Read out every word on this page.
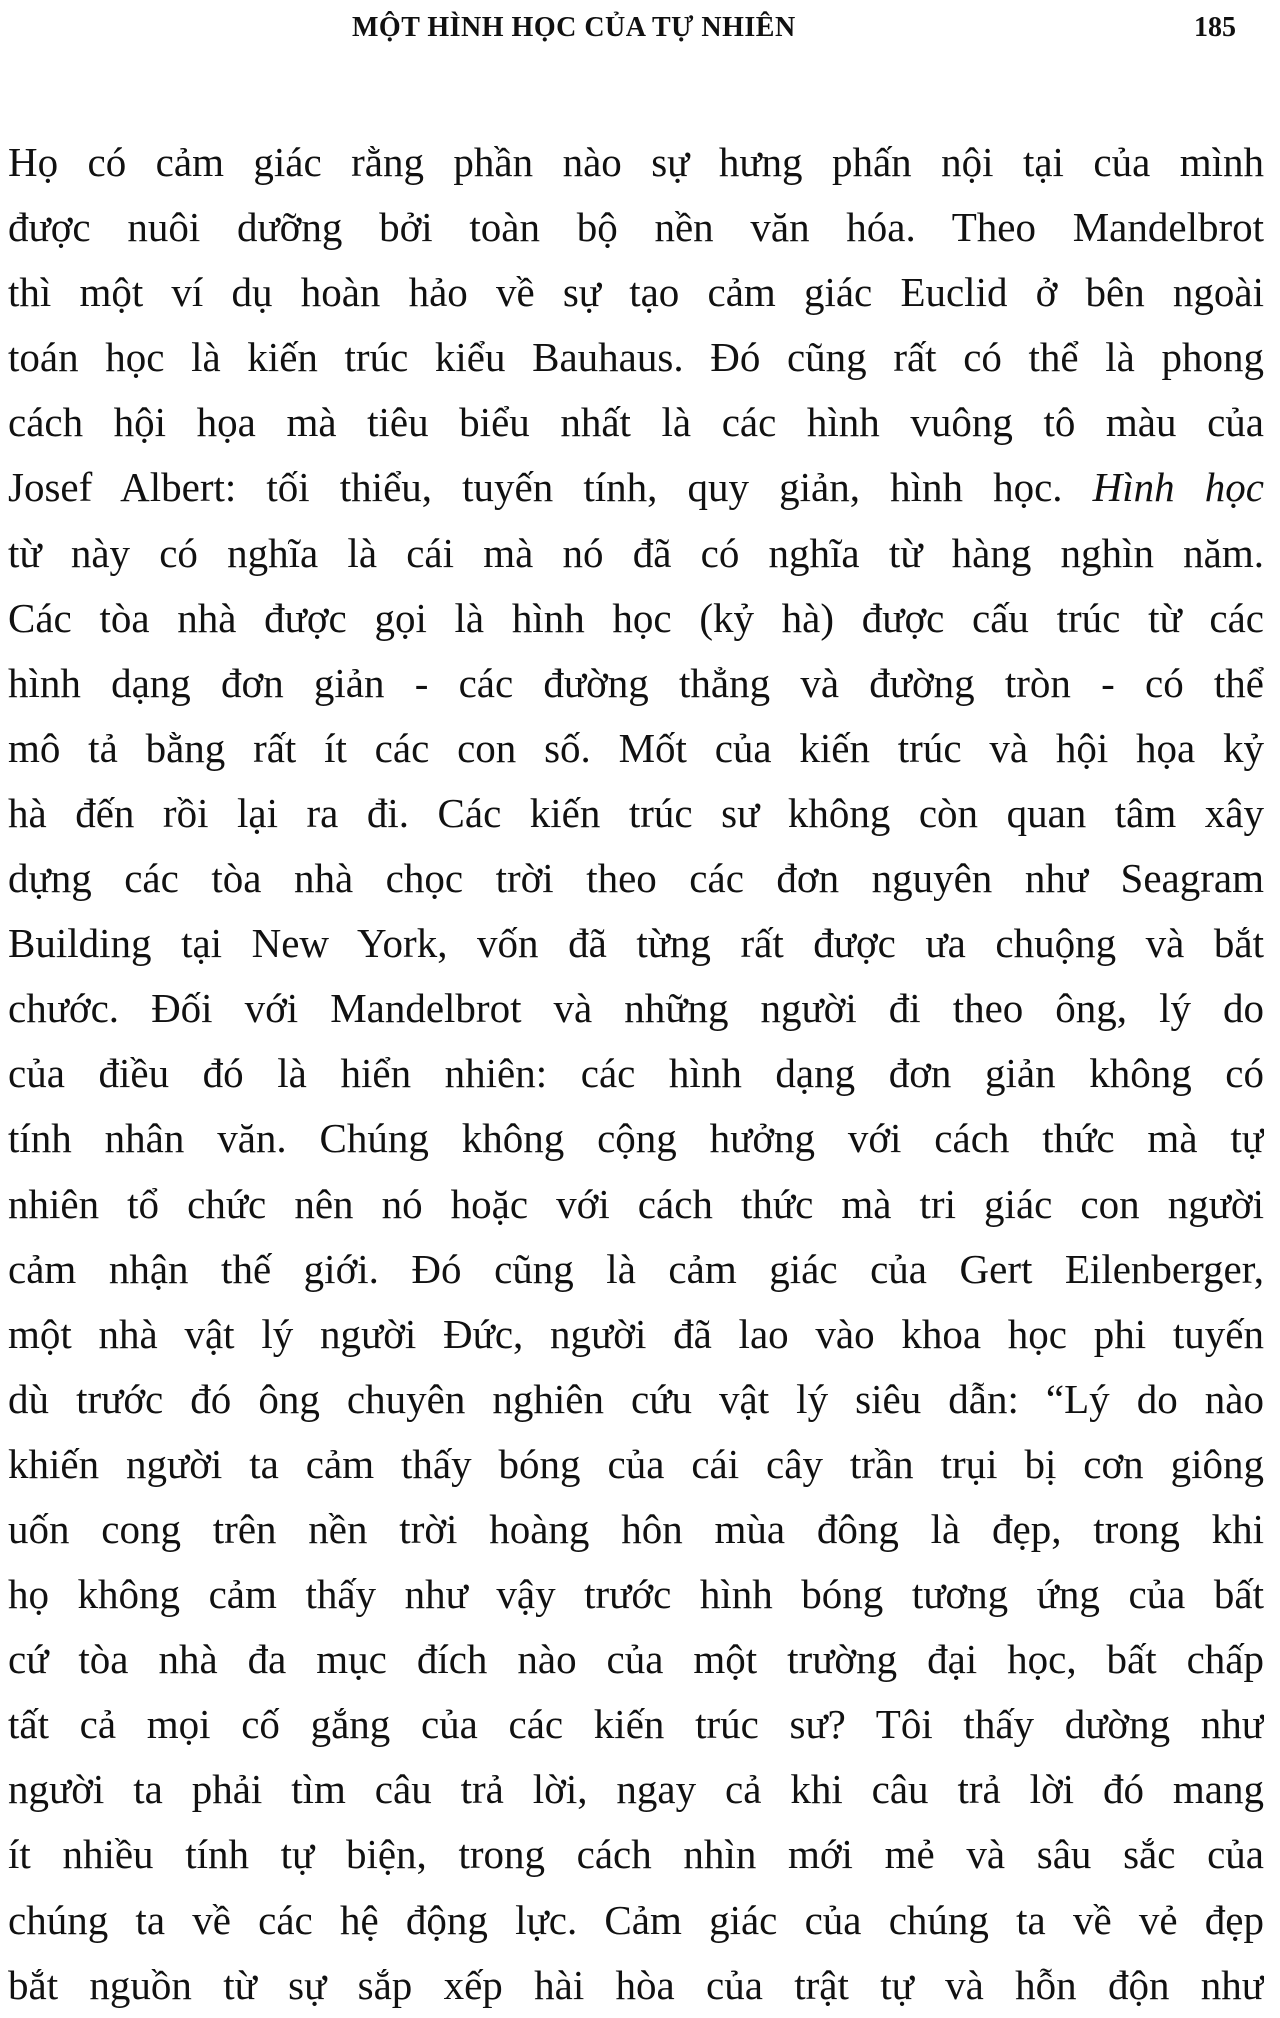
MỘT HÌNH HỌC CỦA TỰ NHIÊN	185
Họ có cảm giác rằng phần nào sự hưng phấn nội tại của mình
được nuôi dưỡng bởi toàn bộ nền văn hóa. Theo Mandelbrot
thì một ví dụ hoàn hảo về sự tạo cảm giác Euclid ở bên ngoài
toán học là kiến trúc kiểu Bauhaus. Đó cũng rất có thể là phong
cách hội họa mà tiêu biểu nhất là các hình vuông tô màu của
Josef Albert: tối thiểu, tuyến tính, quy giản, hình học. Hình học
từ này có nghĩa là cái mà nó đã có nghĩa từ hàng nghìn năm.
Các tòa nhà được gọi là hình học (kỷ hà) được cấu trúc từ các
hình dạng đơn giản - các đường thẳng và đường tròn - có thể
mô tả bằng rất ít các con số. Mốt của kiến trúc và hội họa kỷ
hà đến rồi lại ra đi. Các kiến trúc sư không còn quan tâm xây
dựng các tòa nhà chọc trời theo các đơn nguyên như Seagram
Building tại New York, vốn đã từng rất được ưa chuộng và bắt
chước. Đối với Mandelbrot và những người đi theo ông, lý do
của điều đó là hiển nhiên: các hình dạng đơn giản không có
tính nhân văn. Chúng không cộng hưởng với cách thức mà tự
nhiên tổ chức nên nó hoặc với cách thức mà tri giác con người
cảm nhận thế giới. Đó cũng là cảm giác của Gert Eilenberger,
một nhà vật lý người Đức, người đã lao vào khoa học phi tuyến
dù trước đó ông chuyên nghiên cứu vật lý siêu dẫn: “Lý do nào
khiến người ta cảm thấy bóng của cái cây trần trụi bị cơn giông
uốn cong trên nền trời hoàng hôn mùa đông là đẹp, trong khi
họ không cảm thấy như vậy trước hình bóng tương ứng của bất
cứ tòa nhà đa mục đích nào của một trường đại học, bất chấp
tất cả mọi cố gắng của các kiến trúc sư? Tôi thấy dường như
người ta phải tìm câu trả lời, ngay cả khi câu trả lời đó mang
ít nhiều tính tự biện, trong cách nhìn mới mẻ và sâu sắc của
chúng ta về các hệ động lực. Cảm giác của chúng ta về vẻ đẹp
bắt nguồn từ sự sắp xếp hài hòa của trật tự và hỗn độn như
